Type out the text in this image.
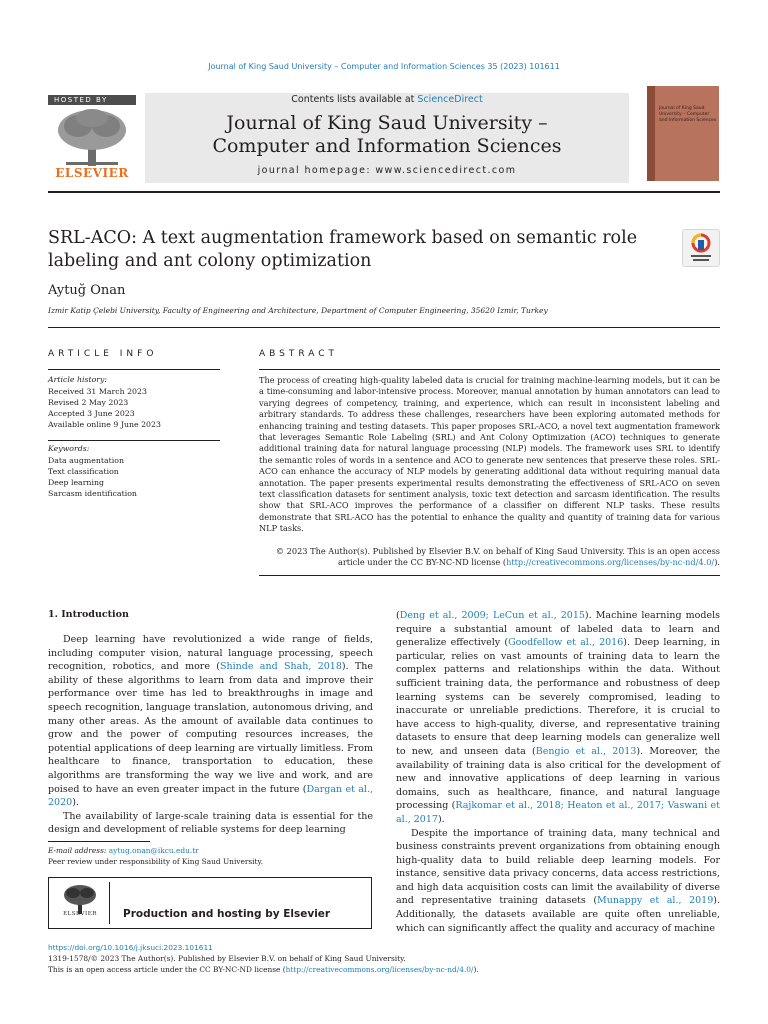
Journal of King Saud University – Computer and Information Sciences 35 (2023) 101611
HOSTED BY
ELSEVIER
Contents lists available at ScienceDirect
Journal of King Saud University –
Computer and Information Sciences
journal homepage: www.sciencedirect.com
Journal of King Saud University – Computer and Information Sciences
SRL-ACO: A text augmentation framework based on semantic role
labeling and ant colony optimization
Aytuğ Onan
Izmir Katip Çelebi University, Faculty of Engineering and Architecture, Department of Computer Engineering, 35620 Izmir, Turkey
ARTICLE INFO
Article history:
Received 31 March 2023
Revised 2 May 2023
Accepted 3 June 2023
Available online 9 June 2023
Keywords:
Data augmentation
Text classification
Deep learning
Sarcasm identification
ABSTRACT
The process of creating high-quality labeled data is crucial for training machine-learning models, but it can be a time-consuming and labor-intensive process. Moreover, manual annotation by human annotators can lead to varying degrees of competency, training, and experience, which can result in inconsistent labeling and arbitrary standards. To address these challenges, researchers have been exploring automated methods for enhancing training and testing datasets. This paper proposes SRL-ACO, a novel text augmentation framework that leverages Semantic Role Labeling (SRL) and Ant Colony Optimization (ACO) techniques to generate additional training data for natural language processing (NLP) models. The framework uses SRL to identify the semantic roles of words in a sentence and ACO to generate new sentences that preserve these roles. SRL-ACO can enhance the accuracy of NLP models by generating additional data without requiring manual data annotation. The paper presents experimental results demonstrating the effectiveness of SRL-ACO on seven text classification datasets for sentiment analysis, toxic text detection and sarcasm identification. The results show that SRL-ACO improves the performance of a classifier on different NLP tasks. These results demonstrate that SRL-ACO has the potential to enhance the quality and quantity of training data for various NLP tasks.
© 2023 The Author(s). Published by Elsevier B.V. on behalf of King Saud University. This is an open access
article under the CC BY-NC-ND license (http://creativecommons.org/licenses/by-nc-nd/4.0/).
1. Introduction

Deep learning have revolutionized a wide range of fields, including computer vision, natural language processing, speech recognition, robotics, and more (Shinde and Shah, 2018). The ability of these algorithms to learn from data and improve their performance over time has led to breakthroughs in image and speech recognition, language translation, autonomous driving, and many other areas. As the amount of available data continues to grow and the power of computing resources increases, the potential applications of deep learning are virtually limitless. From healthcare to finance, transportation to education, these algorithms are transforming the way we live and work, and are poised to have an even greater impact in the future (Dargan et al., 2020).

The availability of large-scale training data is essential for the design and development of reliable systems for deep learning

(Deng et al., 2009; LeCun et al., 2015). Machine learning models require a substantial amount of labeled data to learn and generalize effectively (Goodfellow et al., 2016). Deep learning, in particular, relies on vast amounts of training data to learn the complex patterns and relationships within the data. Without sufficient training data, the performance and robustness of deep learning systems can be severely compromised, leading to inaccurate or unreliable predictions. Therefore, it is crucial to have access to high-quality, diverse, and representative training datasets to ensure that deep learning models can generalize well to new, and unseen data (Bengio et al., 2013). Moreover, the availability of training data is also critical for the development of new and innovative applications of deep learning in various domains, such as healthcare, finance, and natural language processing (Rajkomar et al., 2018; Heaton et al., 2017; Vaswani et al., 2017).

Despite the importance of training data, many technical and business constraints prevent organizations from obtaining enough high-quality data to build reliable deep learning models. For instance, sensitive data privacy concerns, data access restrictions, and high data acquisition costs can limit the availability of diverse and representative training datasets (Munappy et al., 2019). Additionally, the datasets available are quite often unreliable, which can significantly affect the quality and accuracy of machine

E-mail address: aytug.onan@ikcu.edu.tr
Peer review under responsibility of King Saud University.
ELSEVIER	Production and hosting by Elsevier
https://doi.org/10.1016/j.jksuci.2023.101611
1319-1578/© 2023 The Author(s). Published by Elsevier B.V. on behalf of King Saud University.
This is an open access article under the CC BY-NC-ND license (http://creativecommons.org/licenses/by-nc-nd/4.0/).
